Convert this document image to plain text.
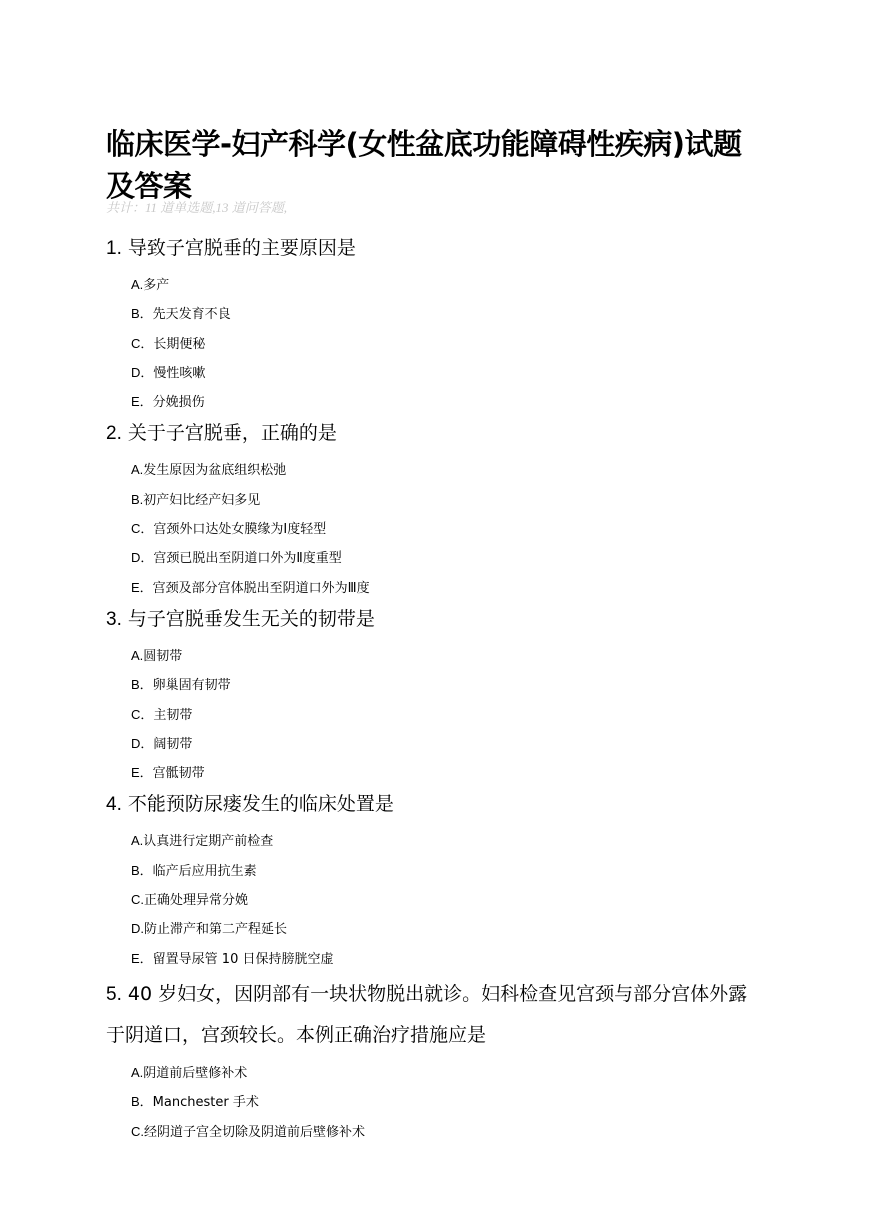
临床医学-妇产科学(女性盆底功能障碍性疾病)试题及答案
共计：11 道单选题,13 道问答题,
1. 导致子宫脱垂的主要原因是
A.多产
B．先天发育不良
C．长期便秘
D．慢性咳嗽
E．分娩损伤
2. 关于子宫脱垂，正确的是
A.发生原因为盆底组织松弛
B.初产妇比经产妇多见
C．宫颈外口达处女膜缘为Ⅰ度轻型
D．宫颈已脱出至阴道口外为Ⅱ度重型
E．宫颈及部分宫体脱出至阴道口外为Ⅲ度
3. 与子宫脱垂发生无关的韧带是
A.圆韧带
B．卵巢固有韧带
C．主韧带
D．阔韧带
E．宫骶韧带
4. 不能预防尿瘘发生的临床处置是
A.认真进行定期产前检查
B．临产后应用抗生素
C.正确处理异常分娩
D.防止滞产和第二产程延长
E．留置导尿管 10 日保持膀胱空虚
5. 40 岁妇女，因阴部有一块状物脱出就诊。妇科检查见宫颈与部分宫体外露于阴道口，宫颈较长。本例正确治疗措施应是
A.阴道前后壁修补术
B．Manchester 手术
C.经阴道子宫全切除及阴道前后壁修补术
